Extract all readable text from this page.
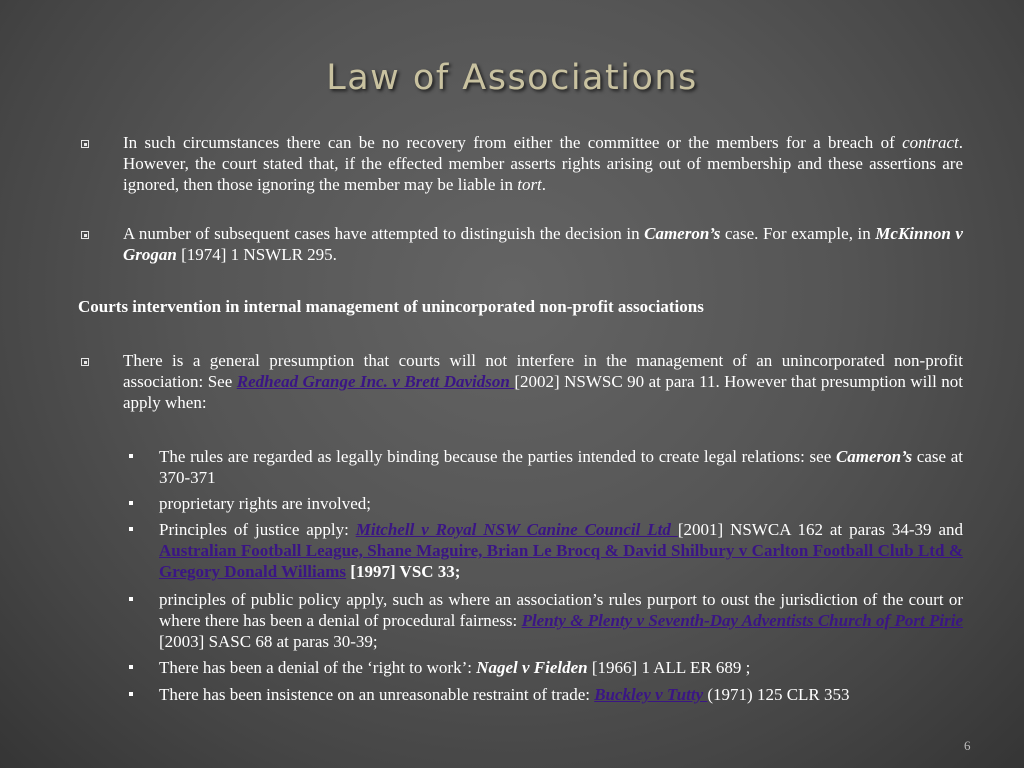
Law of Associations

In such circumstances there can be no recovery from either the committee or the members for a breach of contract. However, the court stated that, if the effected member asserts rights arising out of membership and these assertions are ignored, then those ignoring the member may be liable in tort.

A number of subsequent cases have attempted to distinguish the decision in Cameron’s case. For example, in McKinnon v Grogan [1974] 1 NSWLR 295.

Courts intervention in internal management of unincorporated non-profit associations

There is a general presumption that courts will not interfere in the management of an unincorporated non-profit association: See Redhead Grange Inc. v Brett Davidson [2002] NSWSC 90 at para 11. However that presumption will not apply when:

The rules are regarded as legally binding because the parties intended to create legal relations: see Cameron’s case at 370-371

proprietary rights are involved;

Principles of justice apply: Mitchell v Royal NSW Canine Council Ltd [2001] NSWCA 162 at paras 34-39 and Australian Football League, Shane Maguire, Brian Le Brocq & David Shilbury v Carlton Football Club Ltd & Gregory Donald Williams [1997] VSC 33;

principles of public policy apply, such as where an association’s rules purport to oust the jurisdiction of the court or where there has been a denial of procedural fairness: Plenty & Plenty v Seventh-Day Adventists Church of Port Pirie [2003] SASC 68 at paras 30-39;

There has been a denial of the ‘right to work’: Nagel v Fielden [1966] 1 ALL ER 689 ;

There has been insistence on an unreasonable restraint of trade: Buckley v Tutty (1971) 125 CLR 353

6
